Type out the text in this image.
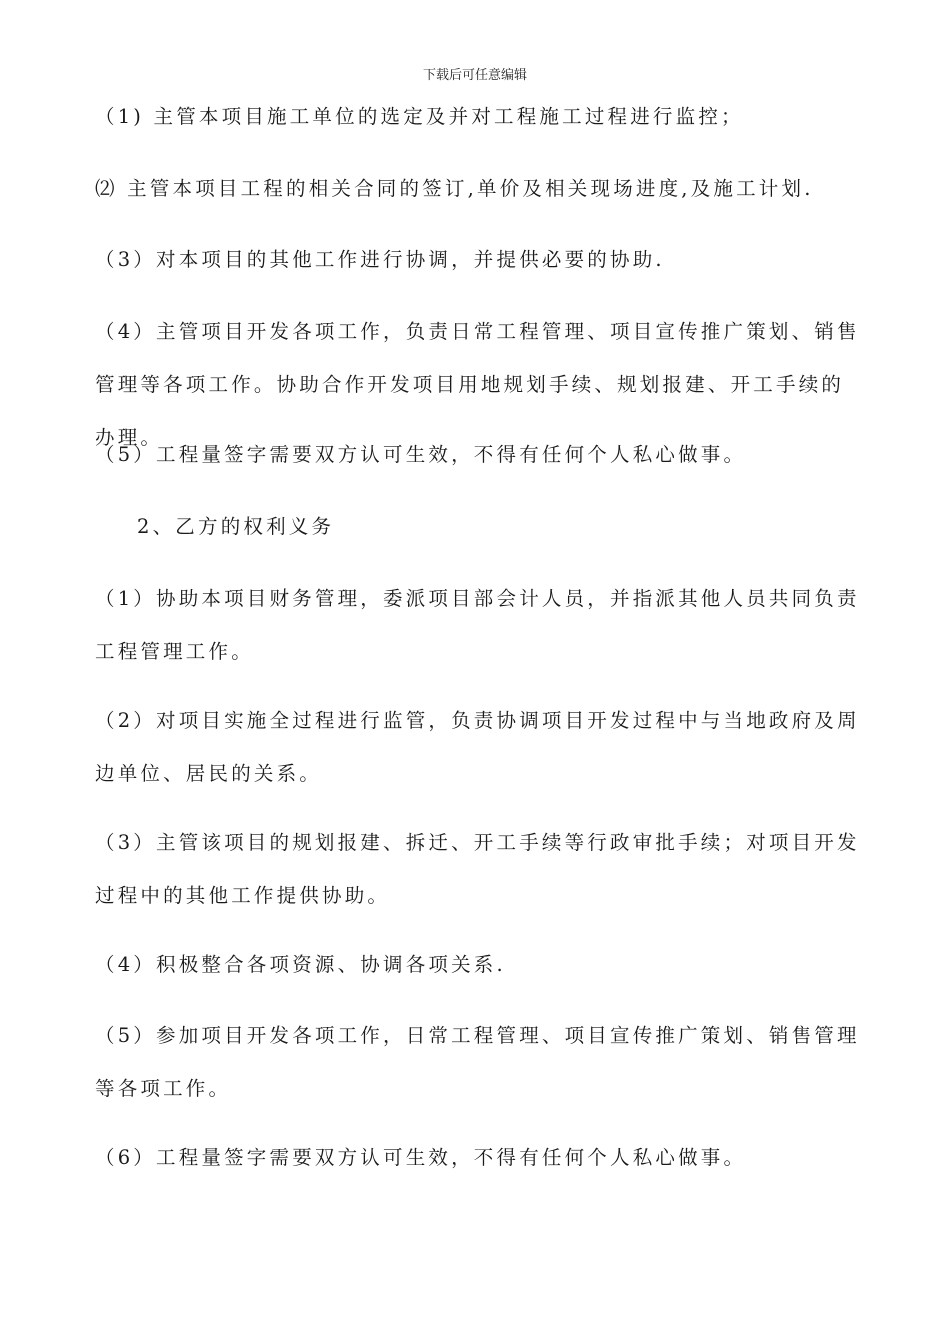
下载后可任意编辑

（1) 主管本项目施工单位的选定及并对工程施工过程进行监控；

⑵ 主管本项目工程的相关合同的签订,单价及相关现场进度,及施工计划.

（3）对本项目的其他工作进行协调，并提供必要的协助.

（4）主管项目开发各项工作，负责日常工程管理、项目宣传推广策划、销售管理等各项工作。协助合作开发项目用地规划手续、规划报建、开工手续的办理。

（5）工程量签字需要双方认可生效，不得有任何个人私心做事。

2、乙方的权利义务

（1）协助本项目财务管理，委派项目部会计人员，并指派其他人员共同负责工程管理工作。

（2）对项目实施全过程进行监管，负责协调项目开发过程中与当地政府及周边单位、居民的关系。

（3）主管该项目的规划报建、拆迁、开工手续等行政审批手续；对项目开发过程中的其他工作提供协助。

（4）积极整合各项资源、协调各项关系.

（5）参加项目开发各项工作，日常工程管理、项目宣传推广策划、销售管理等各项工作。

（6）工程量签字需要双方认可生效，不得有任何个人私心做事。
